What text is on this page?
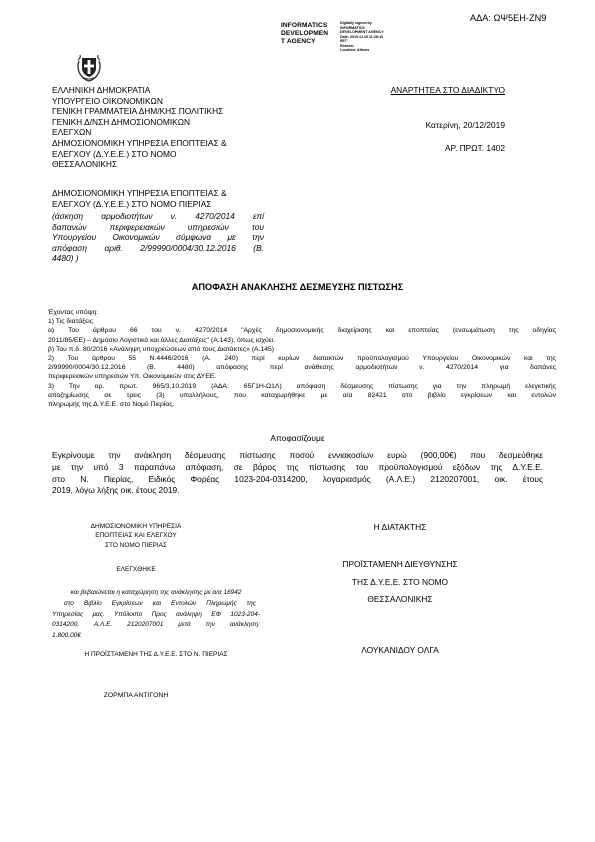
ΑΔΑ: ΩΨ5ΕΗ-ΖΝ9
INFORMATICS
DEVELOPMEN
T AGENCY
Digitally signed by
INFORMATICS
DEVELOPMENT AGENCY
Date: 2019.12.20 11:28:10
EET
Reason:
Location: Athens
ΕΛΛΗΝΙΚΗ ΔΗΜΟΚΡΑΤΙΑ
ΥΠΟΥΡΓΕΙΟ ΟΙΚΟΝΟΜΙΚΩΝ
ΓΕΝΙΚΗ ΓΡΑΜΜΑΤΕΙΑ ΔΗΜ/ΚΗΣ ΠΟΛΙΤΙΚΗΣ
ΓΕΝΙΚΗ Δ/ΝΣΗ ΔΗΜΟΣΙΟΝΟΜΙΚΩΝ
ΕΛΕΓΧΩΝ
ΔΗΜΟΣΙΟΝΟΜΙΚΗ ΥΠΗΡΕΣΙΑ ΕΠΟΠΤΕΙΑΣ &
ΕΛΕΓΧΟΥ (Δ.Υ.Ε.Ε.) ΣΤΟ ΝΟΜΟ
ΘΕΣΣΑΛΟΝΙΚΗΣ
ΑΝΑΡΤΗΤΕΑ ΣΤΟ ΔΙΑΔΙΚΤΥΟ
Κατερίνη, 20/12/2019
ΑΡ. ΠΡΩΤ. 1402
ΔΗΜΟΣΙΟΝΟΜΙΚΗ ΥΠΗΡΕΣΙΑ ΕΠΟΠΤΕΙΑΣ &
ΕΛΕΓΧΟΥ (Δ.Υ.Ε.Ε.) ΣΤΟ ΝΟΜΟ ΠΙΕΡΙΑΣ
(άσκηση αρμοδιοτήτων ν. 4270/2014 επί
δαπανών περιφερειακών υπηρεσιών του
Υπουργείου Οικονομικών σύμφωνα με την
απόφαση αριθ. 2/99990/0004/30.12.2016 (Β.
4480) )
ΑΠΟΦΑΣΗ ΑΝΑΚΛΗΣΗΣ ΔΕΣΜΕΥΣΗΣ ΠΙΣΤΩΣΗΣ
Έχοντας υπόψη:
1) Τις διατάξεις
α) Του άρθρου 66 του ν. 4270/2014 "Αρχές δημοσιονομικής διαχείρισης και εποπτείας (ενσωμάτωση της οδηγίας
2011/85/ΕΕ) – Δημόσιο Λογιστικό και άλλες Διατάξεις" (Α.143), όπως ισχύει.
β) Του π.δ. 80/2016 «Ανάληψη υποχρεώσεων από τους Διατάκτες» (Α.145)
2) Του άρθρου 55 Ν.4446/2016 (Α. 240) περί κυρίων διατακτών προϋπολογισμού Υπουργείου Οικονομικών και της
2/99990/0004/30.12.2016 (Β. 4480) απόφασης περί ανάθεσης αρμοδιοτήτων ν. 4270/2014 για δαπάνες
περιφερειακών υπηρεσιών Υπ. Οικονομικών στις ΔΥΕΕ.
3) Την αρ. πρωτ. 965/3.10.2019 (ΑΔΑ: 65Γ1Η-Ω1Λ) απόφαση δέσμευσης πίστωσης για την πληρωμή ελεγκτικής
αποζημίωσης σε τρεις (3) υπαλλήλους, που καταχωρήθηκε με α/α 82421 στο βιβλίο εγκρίσεων και εντολών
πληρωμής της Δ.Υ.Ε.Ε. στο Νομό Πιερίας.
Αποφασίζουμε
Εγκρίνουμε την ανάκληση δέσμευσης πίστωσης ποσού εννιακοσίων ευρώ (900,00€) που δεσμεύθηκε
με την υπό 3 παραπάνω απόφαση, σε βάρος της πίστωσης του προϋπολογισμού εξόδων της Δ.Υ.Ε.Ε.
στο Ν. Πιερίας, Ειδικός Φορέας 1023-204-0314200, λογαριασμός (Α.Λ.Ε.) 2120207001, οικ. έτους
2019, λόγω λήξης οικ. έτους 2019.
ΔΗΜΟΣΙΟΝΟΜΙΚΗ ΥΠΗΡΕΣΙΑ
ΕΠΟΠΤΕΙΑΣ ΚΑΙ ΕΛΕΓΧΟΥ
ΣΤΟ ΝΟΜΟ ΠΙΕΡΙΑΣ
ΕΛΕΓΧΘΗΚΕ
και βεβαιώνεται η καταχώρηση της ανάκλησης με α/α 16942
στο Βιβλίο Εγκρίσεων και Εντολών Πληρωμής της
Υπηρεσίας μας. Υπόλοιπο Προς ανάληψη ΕΦ 1023-204-
0314200, Α.Λ.Ε. 2120207001 μετά την ανάκληση:
1.800,00€
Η ΠΡΟΪΣΤΑΜΕΝΗ ΤΗΣ Δ.Υ.Ε.Ε. ΣΤΟ Ν. ΠΙΕΡΙΑΣ
ΖΟΡΜΠΑ ΑΝΤΙΓΟΝΗ
Η ΔΙΑΤΑΚΤΗΣ
ΠΡΟΪΣΤΑΜΕΝΗ ΔΙΕΥΘΥΝΣΗΣ
ΤΗΣ Δ.Υ.Ε.Ε. ΣΤΟ ΝΟΜΟ
ΘΕΣΣΑΛΟΝΙΚΗΣ
ΛΟΥΚΑΝΙΔΟΥ ΟΛΓΑ
